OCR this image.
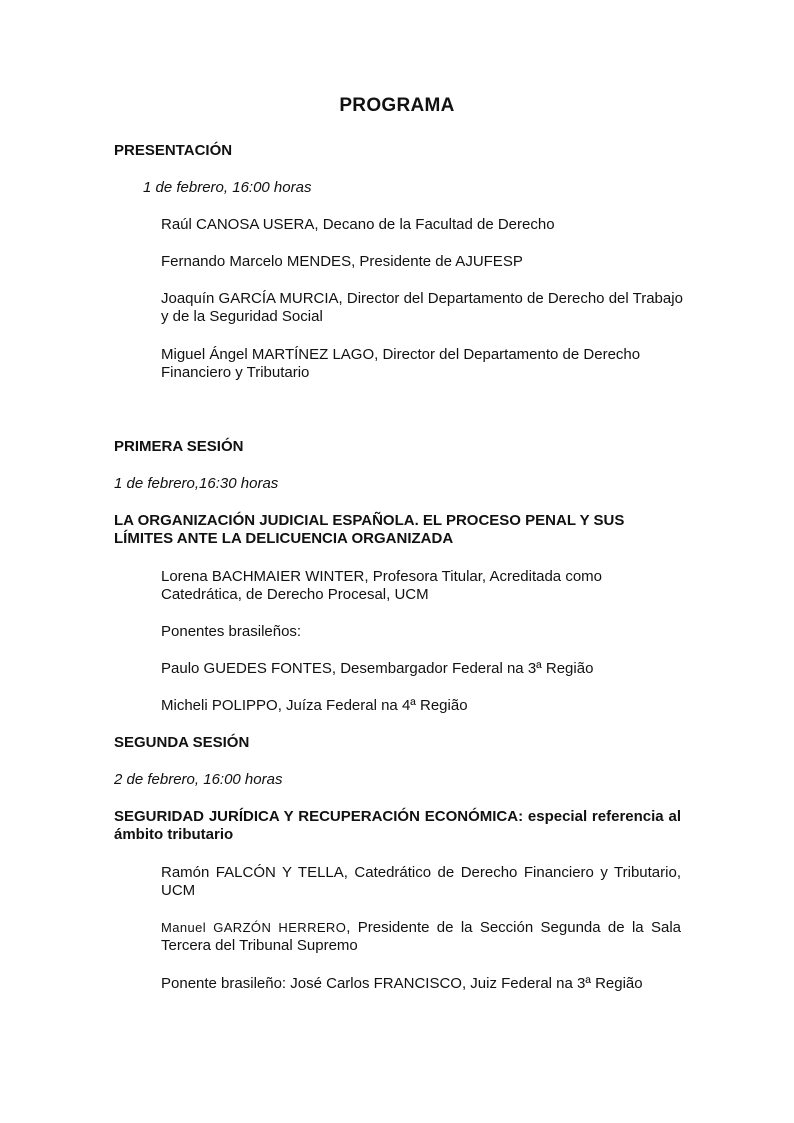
PROGRAMA
PRESENTACIÓN
1 de febrero, 16:00 horas
Raúl CANOSA USERA, Decano de la Facultad de Derecho
Fernando Marcelo MENDES, Presidente de AJUFESP
Joaquín GARCÍA MURCIA, Director del Departamento de Derecho del Trabajo y de la Seguridad Social
Miguel Ángel MARTÍNEZ LAGO, Director del Departamento de Derecho Financiero y Tributario
PRIMERA SESIÓN
1 de febrero,16:30 horas
LA ORGANIZACIÓN JUDICIAL ESPAÑOLA. EL PROCESO PENAL Y SUS LÍMITES ANTE LA DELICUENCIA ORGANIZADA
Lorena BACHMAIER WINTER, Profesora Titular, Acreditada como Catedrática, de Derecho Procesal, UCM
Ponentes brasileños:
Paulo GUEDES FONTES, Desembargador Federal na 3ª Região
Micheli POLIPPO, Juíza Federal na 4ª Região
SEGUNDA SESIÓN
2 de febrero, 16:00 horas
SEGURIDAD JURÍDICA Y RECUPERACIÓN ECONÓMICA: especial referencia al ámbito tributario
Ramón FALCÓN Y TELLA, Catedrático de Derecho Financiero y Tributario, UCM
Manuel GARZÓN HERRERO, Presidente de la Sección Segunda de la Sala Tercera del Tribunal Supremo
Ponente brasileño: José Carlos FRANCISCO, Juiz Federal na 3ª Região
